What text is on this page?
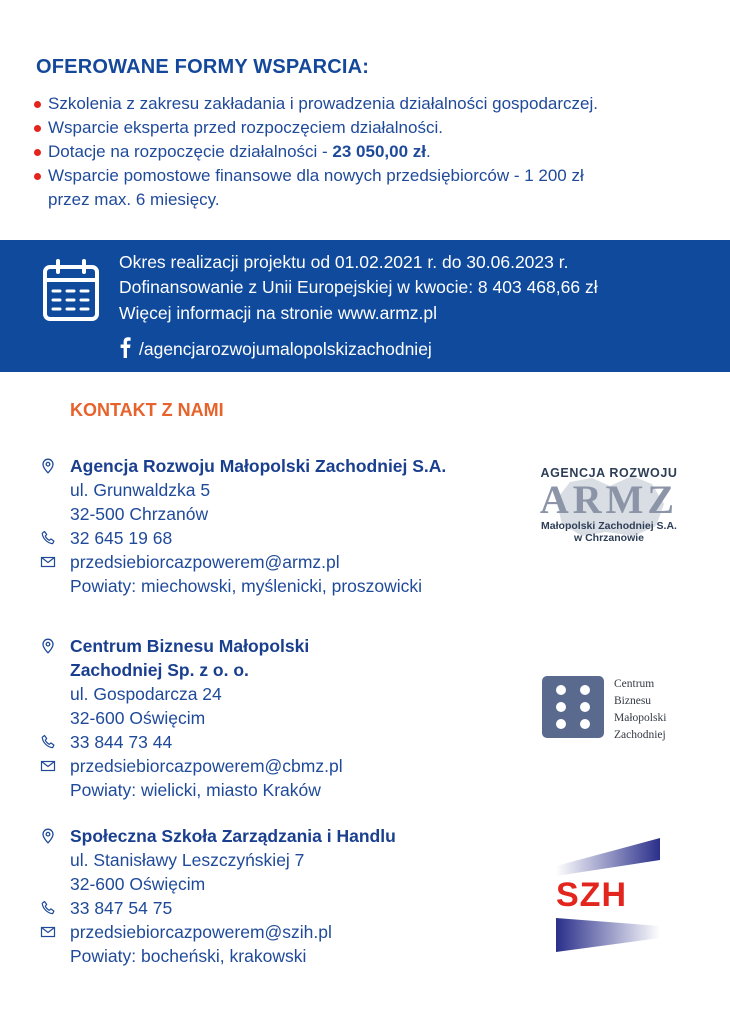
OFEROWANE FORMY WSPARCIA:
Szkolenia z zakresu zakładania i prowadzenia działalności gospodarczej.
Wsparcie eksperta przed rozpoczęciem działalności.
Dotacje na rozpoczęcie działalności - 23 050,00 zł.
Wsparcie pomostowe finansowe dla nowych przedsiębiorców - 1 200 zł
przez max. 6 miesięcy.
Okres realizacji projektu od 01.02.2021 r. do 30.06.2023 r.
Dofinansowanie z Unii Europejskiej w kwocie: 8 403 468,66 zł
Więcej informacji na stronie www.armz.pl
/agencjarozwojumalopolskizachodniej
KONTAKT Z NAMI
Agencja Rozwoju Małopolski Zachodniej S.A.
ul. Grunwaldzka 5
32-500 Chrzanów
32 645 19 68
przedsiebiorcazpowerem@armz.pl
Powiaty: miechowski, myślenicki, proszowicki
Centrum Biznesu Małopolski
Zachodniej Sp. z o. o.
ul. Gospodarcza 24
32-600 Oświęcim
33 844 73 44
przedsiebiorcazpowerem@cbmz.pl
Powiaty: wielicki, miasto Kraków
Społeczna Szkoła Zarządzania i Handlu
ul. Stanisławy Leszczyńskiej 7
32-600 Oświęcim
33 847 54 75
przedsiebiorcazpowerem@szih.pl
Powiaty: bocheński, krakowski
AGENCJA ROZWOJU
ARMZ
Małopolski Zachodniej S.A.
w Chrzanowie
Centrum
Biznesu
Małopolski
Zachodniej
SZH
